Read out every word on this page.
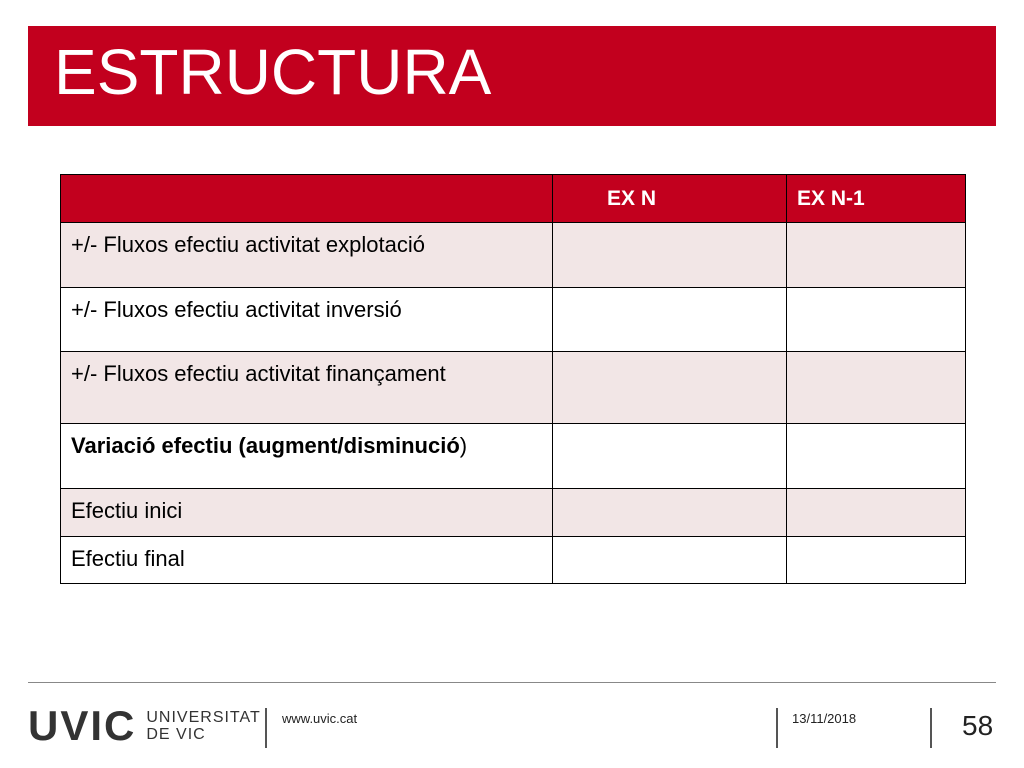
ESTRUCTURA
	EX N	EX N-1
+/- Fluxos efectiu activitat explotació		
+/- Fluxos efectiu activitat inversió		
+/- Fluxos efectiu activitat finançament		
Variació efectiu (augment/disminució)		
Efectiu inici		
Efectiu final		
UVIC UNIVERSITAT
DE VIC
www.uvic.cat	13/11/2018	58
